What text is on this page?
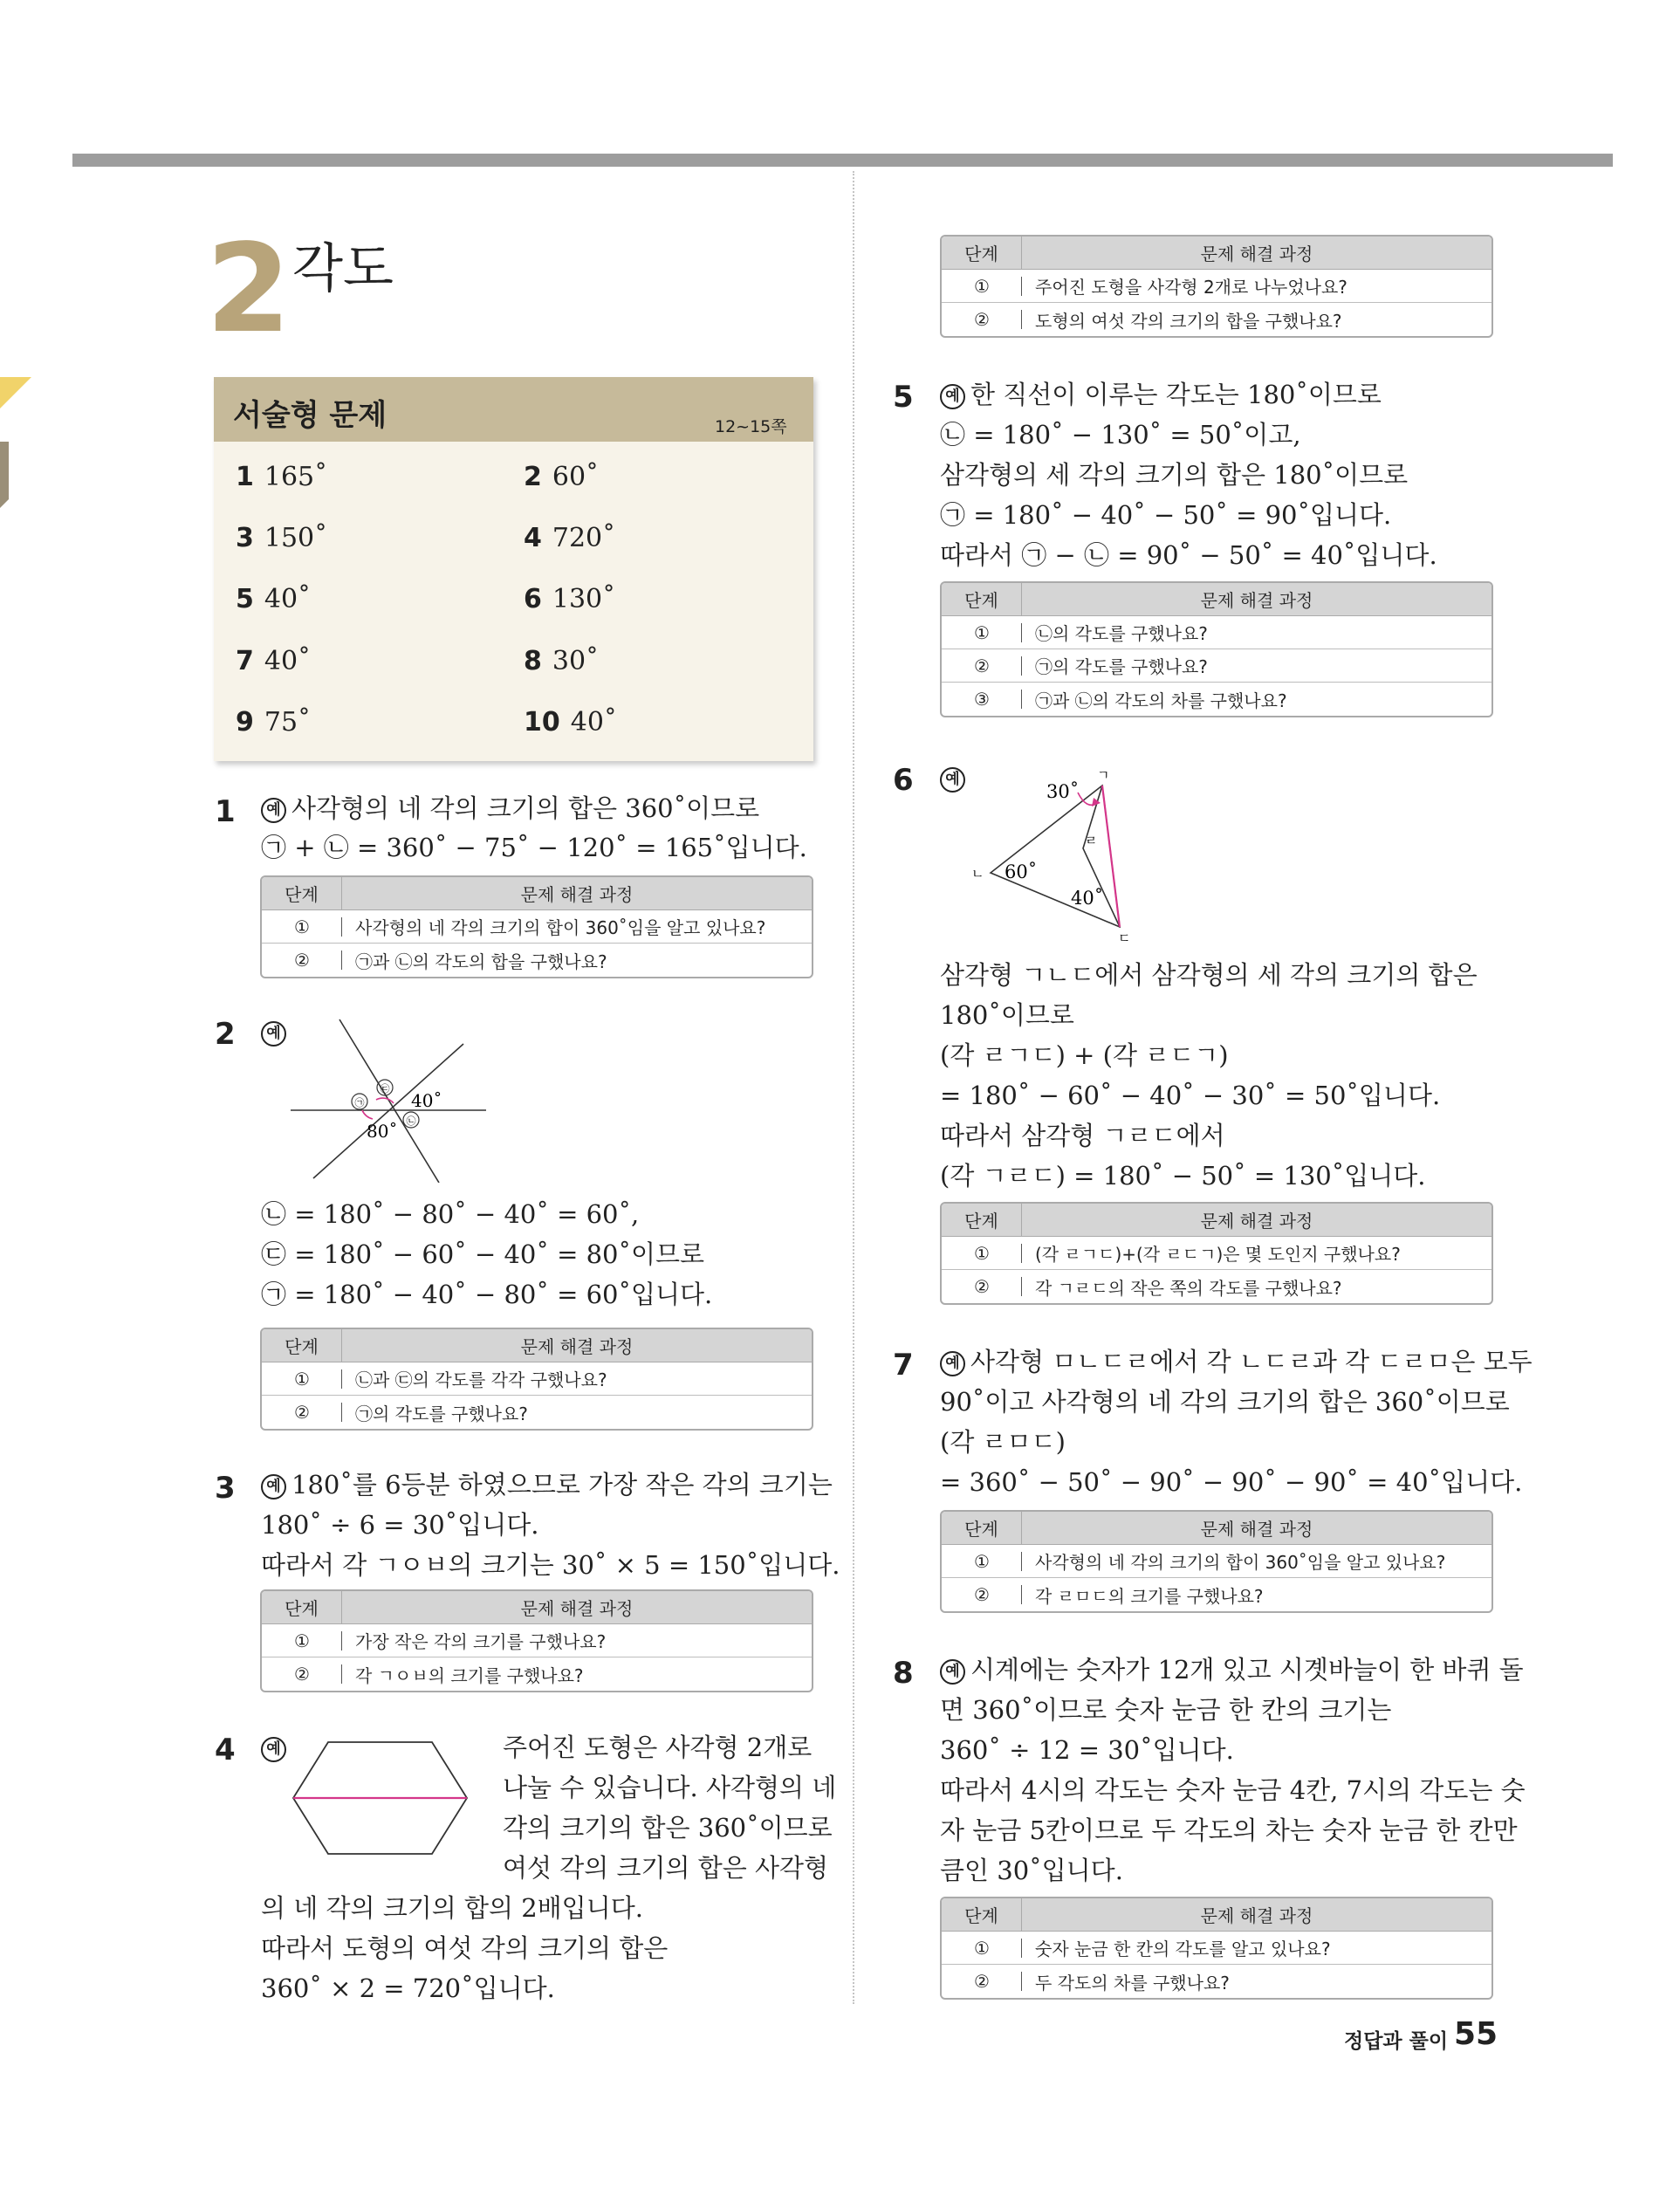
2 각도
서술형 문제	12~15쪽
1 165˚	2 60˚
3 150˚	4 720˚
5 40˚	6 130˚
7 40˚	8 30˚
9 75˚	10 40˚
1	예 사각형의 네 각의 크기의 합은 360˚이므로
㉠ + ㉡ = 360˚ − 75˚ − 120˚ = 165˚입니다.
단계	문제 해결 과정
①	사각형의 네 각의 크기의 합이 360˚임을 알고 있나요?
②	㉠과 ㉡의 각도의 합을 구했나요?
2	예
㉢
㉠
㉡
40˚
80˚
㉡ = 180˚ − 80˚ − 40˚ = 60˚,
㉢ = 180˚ − 60˚ − 40˚ = 80˚이므로
㉠ = 180˚ − 40˚ − 80˚ = 60˚입니다.
단계	문제 해결 과정
①	㉡과 ㉢의 각도를 각각 구했나요?
②	㉠의 각도를 구했나요?
3	예 180˚를 6등분 하였으므로 가장 작은 각의 크기는
180˚ ÷ 6 = 30˚입니다.
따라서 각 ㄱㅇㅂ의 크기는 30˚ × 5 = 150˚입니다.
단계	문제 해결 과정
①	가장 작은 각의 크기를 구했나요?
②	각 ㄱㅇㅂ의 크기를 구했나요?
4	예	주어진 도형은 사각형 2개로
나눌 수 있습니다. 사각형의 네
각의 크기의 합은 360˚이므로
여섯 각의 크기의 합은 사각형
의 네 각의 크기의 합의 2배입니다.
따라서 도형의 여섯 각의 크기의 합은
360˚ × 2 = 720˚입니다.
단계	문제 해결 과정
①	주어진 도형을 사각형 2개로 나누었나요?
②	도형의 여섯 각의 크기의 합을 구했나요?
5	예 한 직선이 이루는 각도는 180˚이므로
㉡ = 180˚ − 130˚ = 50˚이고,
삼각형의 세 각의 크기의 합은 180˚이므로
㉠ = 180˚ − 40˚ − 50˚ = 90˚입니다.
따라서 ㉠ − ㉡ = 90˚ − 50˚ = 40˚입니다.
단계	문제 해결 과정
①	㉡의 각도를 구했나요?
②	㉠의 각도를 구했나요?
③	㉠과 ㉡의 각도의 차를 구했나요?
6	예
30˚
60˚
40˚
ㄱ
ㄴ
ㄷ
ㄹ
삼각형 ㄱㄴㄷ에서 삼각형의 세 각의 크기의 합은
180˚이므로
(각 ㄹㄱㄷ) + (각 ㄹㄷㄱ)
= 180˚ − 60˚ − 40˚ − 30˚ = 50˚입니다.
따라서 삼각형 ㄱㄹㄷ에서
(각 ㄱㄹㄷ) = 180˚ − 50˚ = 130˚입니다.
단계	문제 해결 과정
①	(각 ㄹㄱㄷ)+(각 ㄹㄷㄱ)은 몇 도인지 구했나요?
②	각 ㄱㄹㄷ의 작은 쪽의 각도를 구했나요?
7	예 사각형 ㅁㄴㄷㄹ에서 각 ㄴㄷㄹ과 각 ㄷㄹㅁ은 모두
90˚이고 사각형의 네 각의 크기의 합은 360˚이므로
(각 ㄹㅁㄷ)
= 360˚ − 50˚ − 90˚ − 90˚ − 90˚ = 40˚입니다.
단계	문제 해결 과정
①	사각형의 네 각의 크기의 합이 360˚임을 알고 있나요?
②	각 ㄹㅁㄷ의 크기를 구했나요?
8	예 시계에는 숫자가 12개 있고 시곗바늘이 한 바퀴 돌
면 360˚이므로 숫자 눈금 한 칸의 크기는
360˚ ÷ 12 = 30˚입니다.
따라서 4시의 각도는 숫자 눈금 4칸, 7시의 각도는 숫
자 눈금 5칸이므로 두 각도의 차는 숫자 눈금 한 칸만
큼인 30˚입니다.
단계	문제 해결 과정
①	숫자 눈금 한 칸의 각도를 알고 있나요?
②	두 각도의 차를 구했나요?
정답과 풀이 55
